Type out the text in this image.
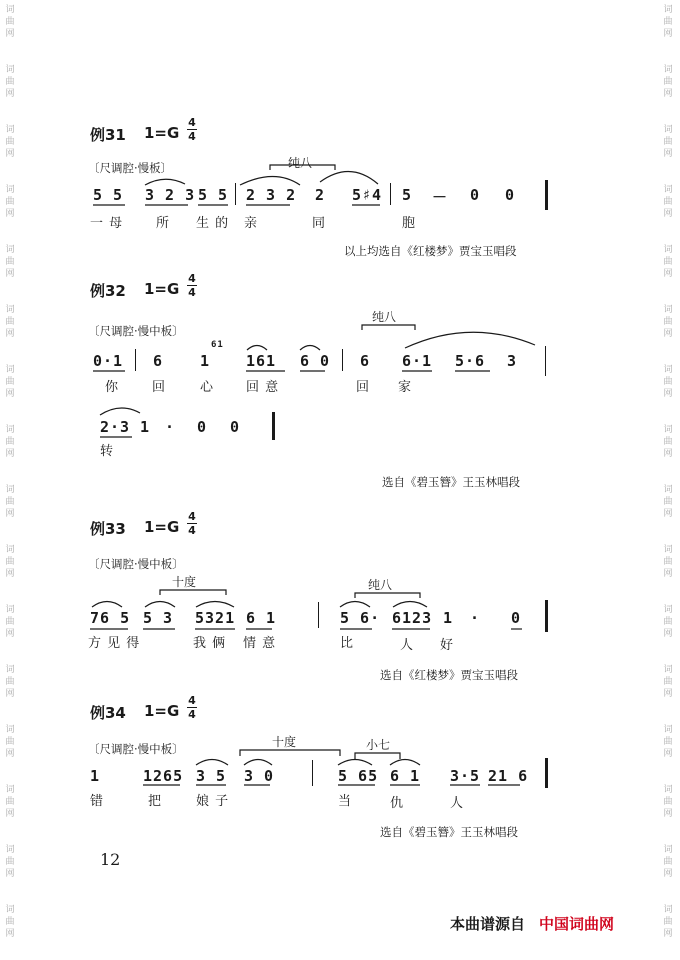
词曲网
词曲网
词曲网
词曲网
词曲网
词曲网
词曲网
词曲网
词曲网
词曲网
词曲网
词曲网
词曲网
词曲网
词曲网
词曲网
词曲网
词曲网
词曲网
词曲网
词曲网
词曲网
词曲网
词曲网
词曲网
词曲网
词曲网
词曲网
词曲网
词曲网
词曲网
词曲网
例31 1=G
4
4
〔尺调腔·慢板〕	纯八
5 5 3 2 3 5 5 2 3 2 2 5♯4 5 － 0 0
一 母	所 生 的 亲	同	胞
以上均选自《红楼梦》贾宝玉唱段
例32 1=G
4
4
〔尺调腔·慢中板〕
纯八
0·1 6 1
61
161 6 0 6 6·1 5·6 3
你	回	心 回 意	回 家
2·3 1 · 0 0
转
选自《碧玉簪》王玉林唱段
例33 1=G
4
4
〔尺调腔·慢中板〕
十度	纯八
76 5 5 3 5321 6 1	5 6· 6123 1 · 0
方 见 得	我 俩 情 意	比	人 好
选自《红楼梦》贾宝玉唱段
例34 1=G
4
4
〔尺调腔·慢中板〕	十度	小七
1	1265 3 5 3 0	5 65 6 1 3·5 21 6
错	把	娘 子	当	仇	人
选自《碧玉簪》王玉林唱段
12
本曲谱源自 中国词曲网
